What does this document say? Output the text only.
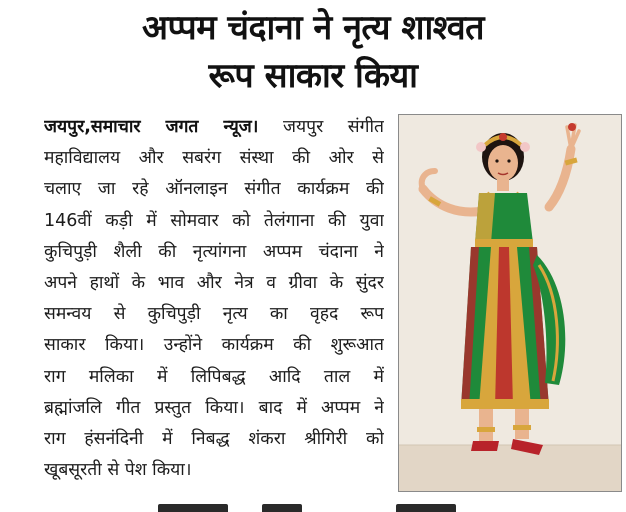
अप्पम चंदाना ने नृत्य शाश्वत
रूप साकार किया
जयपुर,समाचार जगत न्यूज। जयपुर संगीत
महाविद्यालय और सबरंग संस्था की ओर से
चलाए जा रहे ऑनलाइन संगीत कार्यक्रम की
146वीं कड़ी में सोमवार को तेलंगाना की युवा
कुचिपुड़ी शैली की नृत्यांगना अप्पम चंदाना ने
अपने हाथों के भाव और नेत्र व ग्रीवा के सुंदर
समन्वय से कुचिपुड़ी नृत्य का वृहद रूप
साकार किया। उन्होंने कार्यक्रम की शुरूआत
राग मलिका में लिपिबद्ध आदि ताल में
ब्रह्मांजलि गीत प्रस्तुत किया। बाद में अप्पम ने
राग हंसनंदिनी में निबद्ध शंकरा श्रीगिरी को
खूबसूरती से पेश किया।
